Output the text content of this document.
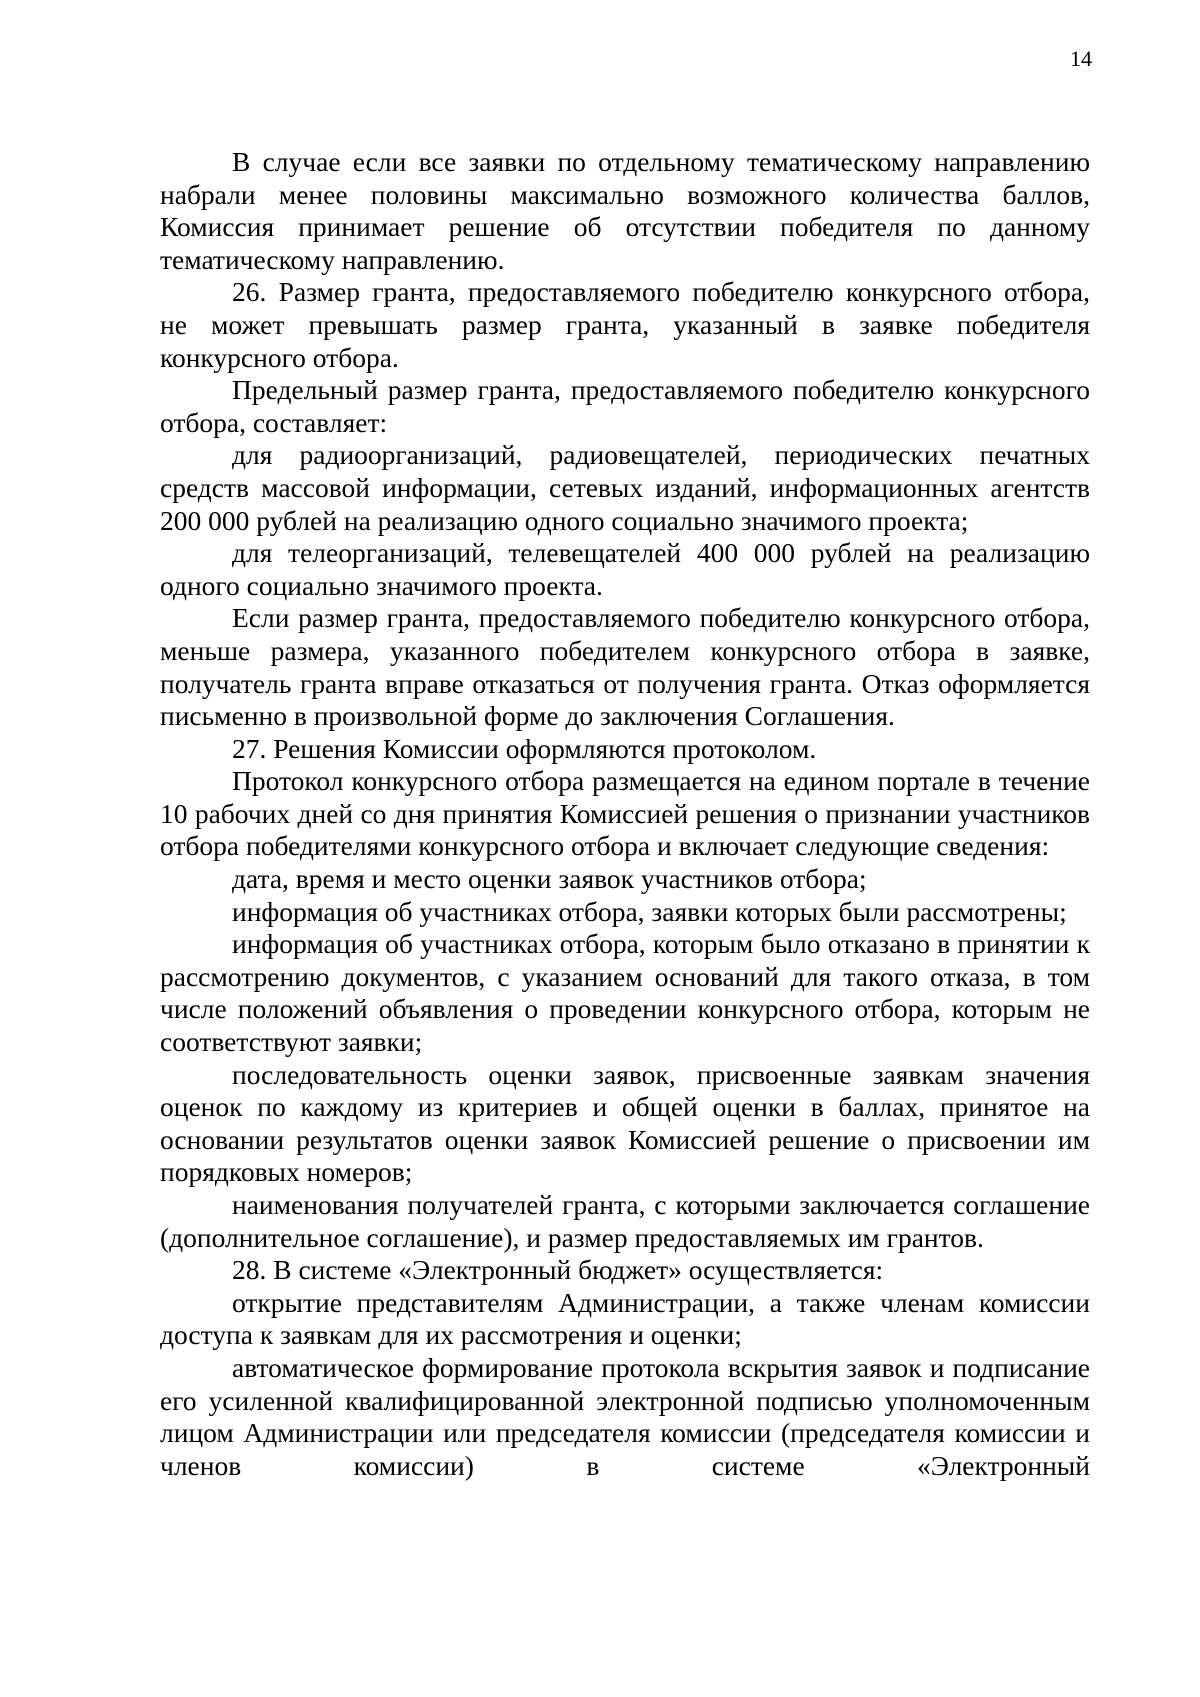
14

В случае если все заявки по отдельному тематическому направлению набрали менее половины максимально возможного количества баллов, Комиссия принимает решение об отсутствии победителя по данному тематическому направлению.

26. Размер гранта, предоставляемого победителю конкурсного отбора, не может превышать размер гранта, указанный в заявке победителя конкурсного отбора.

Предельный размер гранта, предоставляемого победителю конкурсного отбора, составляет:

для радиоорганизаций, радиовещателей, периодических печатных средств массовой информации, сетевых изданий, информационных агентств 200 000 рублей на реализацию одного социально значимого проекта;

для телеорганизаций, телевещателей 400 000 рублей на реализацию одного социально значимого проекта.

Если размер гранта, предоставляемого победителю конкурсного отбора, меньше размера, указанного победителем конкурсного отбора в заявке, получатель гранта вправе отказаться от получения гранта. Отказ оформляется письменно в произвольной форме до заключения Соглашения.

27. Решения Комиссии оформляются протоколом.

Протокол конкурсного отбора размещается на едином портале в течение 10 рабочих дней со дня принятия Комиссией решения о признании участников отбора победителями конкурсного отбора и включает следующие сведения:

дата, время и место оценки заявок участников отбора;

информация об участниках отбора, заявки которых были рассмотрены;

информация об участниках отбора, которым было отказано в принятии к рассмотрению документов, с указанием оснований для такого отказа, в том числе положений объявления о проведении конкурсного отбора, которым не соответствуют заявки;

последовательность оценки заявок, присвоенные заявкам значения оценок по каждому из критериев и общей оценки в баллах, принятое на основании результатов оценки заявок Комиссией решение о присвоении им порядковых номеров;

наименования получателей гранта, с которыми заключается соглашение (дополнительное соглашение), и размер предоставляемых им грантов.

28. В системе «Электронный бюджет» осуществляется:

открытие представителям Администрации, а также членам комиссии доступа к заявкам для их рассмотрения и оценки;

автоматическое формирование протокола вскрытия заявок и подписание его усиленной квалифицированной электронной подписью уполномоченным лицом Администрации или председателя комиссии (председателя комиссии и членов комиссии) в системе «Электронный
